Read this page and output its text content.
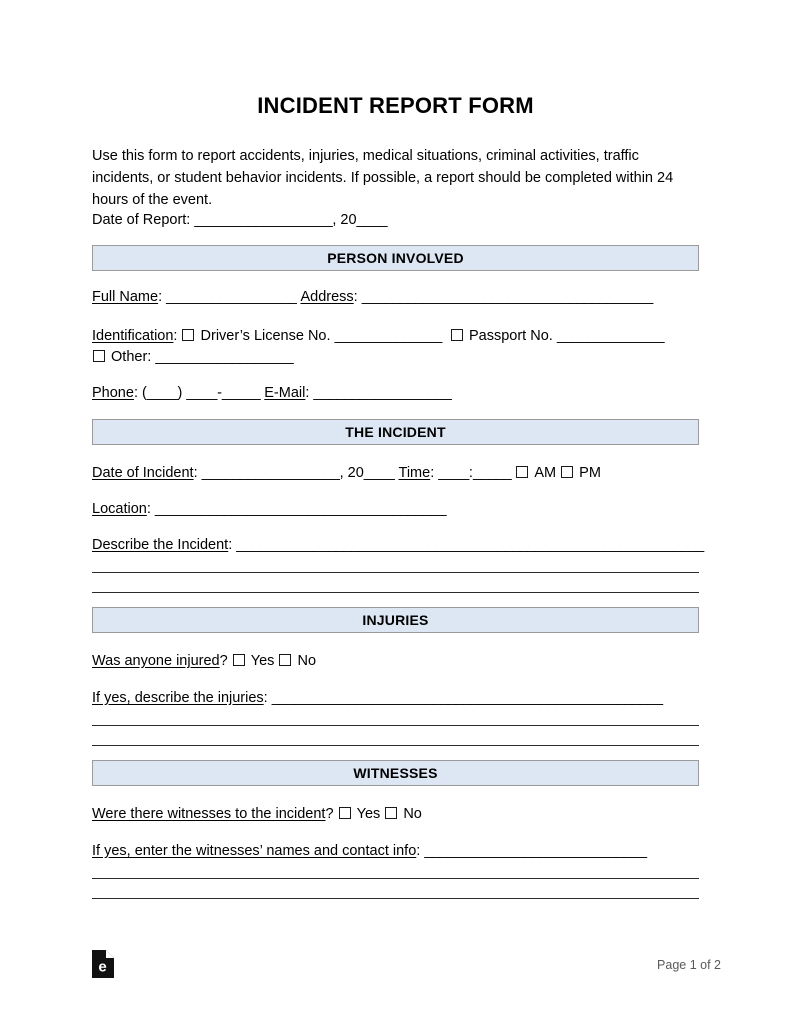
INCIDENT REPORT FORM

Use this form to report accidents, injuries, medical situations, criminal activities, traffic incidents, or student behavior incidents. If possible, a report should be completed within 24 hours of the event.

Date of Report: __________________, 20____
PERSON INVOLVED
Full Name: _________________ Address: ______________________________________
Identification: Driver’s License No. ______________ Passport No. ______________
Other: __________________
Phone: (____) ____-_____ E-Mail: __________________
THE INCIDENT
Date of Incident: __________________, 20____ Time: ____:_____ AM PM
Location: ______________________________________
Describe the Incident: _____________________________________________________________
INJURIES
Was anyone injured? Yes No
If yes, describe the injuries: ___________________________________________________
WITNESSES
Were there witnesses to the incident? Yes No
If yes, enter the witnesses’ names and contact info: _____________________________
e	Page 1 of 2
